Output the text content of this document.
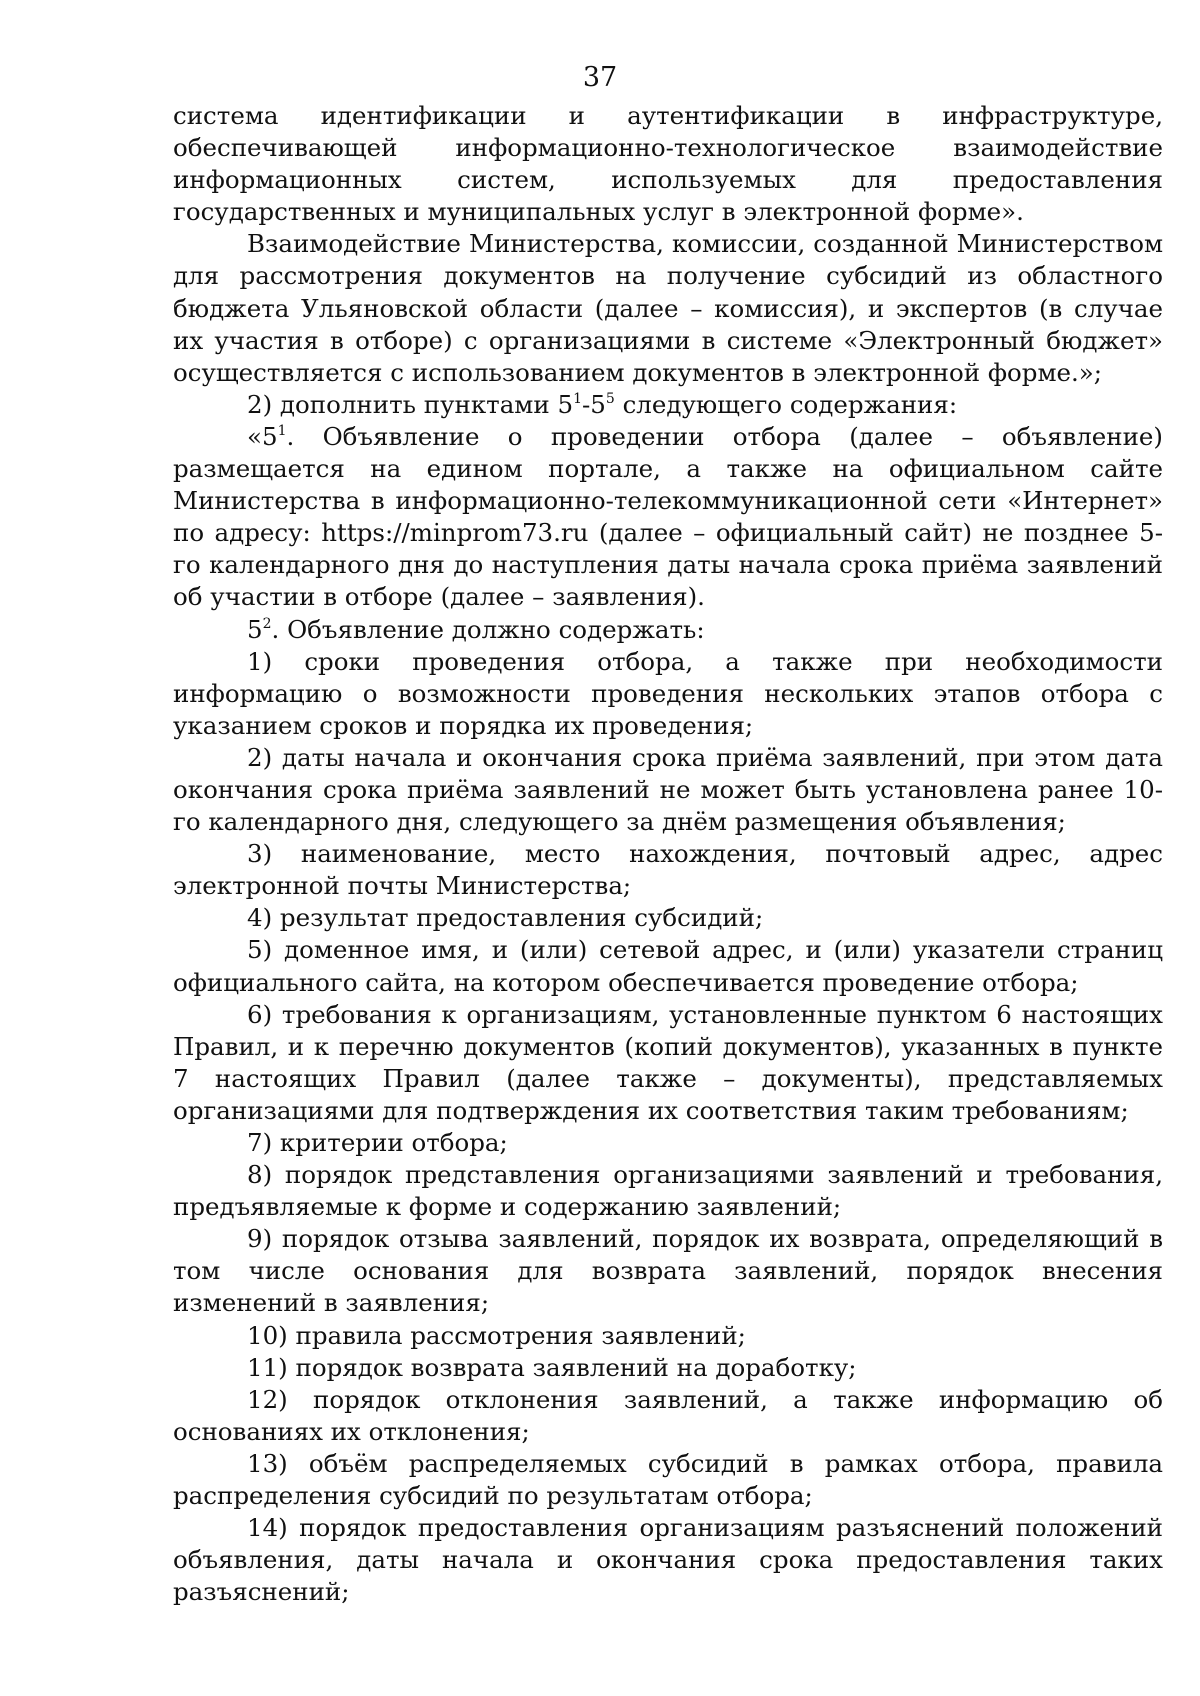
37

система идентификации и аутентификации в инфраструктуре, обеспечивающей информационно-технологическое взаимодействие информационных систем, используемых для предоставления государственных и муниципальных услуг в электронной форме».

Взаимодействие Министерства, комиссии, созданной Министерством для рассмотрения документов на получение субсидий из областного бюджета Ульяновской области (далее – комиссия), и экспертов (в случае их участия в отборе) с организациями в системе «Электронный бюджет» осуществляется с использованием документов в электронной форме.»;

2) дополнить пунктами $5^1-5^5$ следующего содержания:

«$5^1$. Объявление о проведении отбора (далее – объявление) размещается на едином портале, а также на официальном сайте Министерства в информационно-телекоммуникационной сети «Интернет» по адресу: https://minprom73.ru (далее – официальный сайт) не позднее 5-го календарного дня до наступления даты начала срока приёма заявлений об участии в отборе (далее – заявления).

$5^2$. Объявление должно содержать:

1) сроки проведения отбора, а также при необходимости информацию о возможности проведения нескольких этапов отбора с указанием сроков и порядка их проведения;

2) даты начала и окончания срока приёма заявлений, при этом дата окончания срока приёма заявлений не может быть установлена ранее 10-го календарного дня, следующего за днём размещения объявления;

3) наименование, место нахождения, почтовый адрес, адрес электронной почты Министерства;

4) результат предоставления субсидий;

5) доменное имя, и (или) сетевой адрес, и (или) указатели страниц официального сайта, на котором обеспечивается проведение отбора;

6) требования к организациям, установленные пунктом 6 настоящих Правил, и к перечню документов (копий документов), указанных в пункте 7 настоящих Правил (далее также – документы), представляемых организациями для подтверждения их соответствия таким требованиям;

7) критерии отбора;

8) порядок представления организациями заявлений и требования, предъявляемые к форме и содержанию заявлений;

9) порядок отзыва заявлений, порядок их возврата, определяющий в том числе основания для возврата заявлений, порядок внесения изменений в заявления;

10) правила рассмотрения заявлений;

11) порядок возврата заявлений на доработку;

12) порядок отклонения заявлений, а также информацию об основаниях их отклонения;

13) объём распределяемых субсидий в рамках отбора, правила распределения субсидий по результатам отбора;

14) порядок предоставления организациям разъяснений положений объявления, даты начала и окончания срока предоставления таких разъяснений;
